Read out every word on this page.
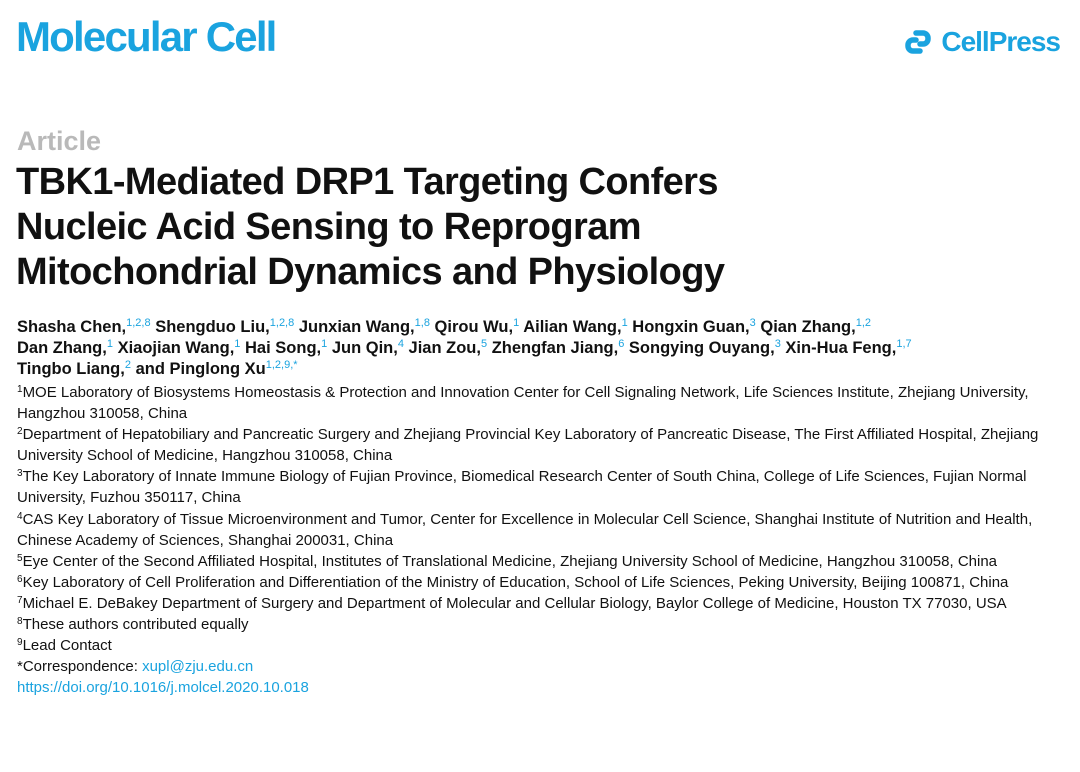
Molecular Cell	CellPress
Article
TBK1-Mediated DRP1 Targeting Confers
Nucleic Acid Sensing to Reprogram
Mitochondrial Dynamics and Physiology
Shasha Chen,$^{1,2,8}$ Shengduo Liu,$^{1,2,8}$ Junxian Wang,$^{1,8}$ Qirou Wu,$^1$ Ailian Wang,$^1$ Hongxin Guan,$^3$ Qian Zhang,$^{1,2}$
Dan Zhang,$^1$ Xiaojian Wang,$^1$ Hai Song,$^1$ Jun Qin,$^4$ Jian Zou,$^5$ Zhengfan Jiang,$^6$ Songying Ouyang,$^3$ Xin-Hua Feng,$^{1,7}$
Tingbo Liang,$^2$ and Pinglong $Xu^{1,2,9,*}$

$^1$MOE Laboratory of Biosystems Homeostasis & Protection and Innovation Center for Cell Signaling Network, Life Sciences Institute, Zhejiang University, Hangzhou 310058, China

$^2$Department of Hepatobiliary and Pancreatic Surgery and Zhejiang Provincial Key Laboratory of Pancreatic Disease, The First Affiliated Hospital, Zhejiang University School of Medicine, Hangzhou 310058, China

$^3$The Key Laboratory of Innate Immune Biology of Fujian Province, Biomedical Research Center of South China, College of Life Sciences, Fujian Normal University, Fuzhou 350117, China

$^4$CAS Key Laboratory of Tissue Microenvironment and Tumor, Center for Excellence in Molecular Cell Science, Shanghai Institute of Nutrition and Health, Chinese Academy of Sciences, Shanghai 200031, China

$^5$Eye Center of the Second Affiliated Hospital, Institutes of Translational Medicine, Zhejiang University School of Medicine, Hangzhou 310058, China

$^6$Key Laboratory of Cell Proliferation and Differentiation of the Ministry of Education, School of Life Sciences, Peking University, Beijing 100871, China

$^7$Michael E. DeBakey Department of Surgery and Department of Molecular and Cellular Biology, Baylor College of Medicine, Houston TX 77030, USA

$^8$These authors contributed equally

$^9$Lead Contact

*Correspondence: xupl@zju.edu.cn

https://doi.org/10.1016/j.molcel.2020.10.018
